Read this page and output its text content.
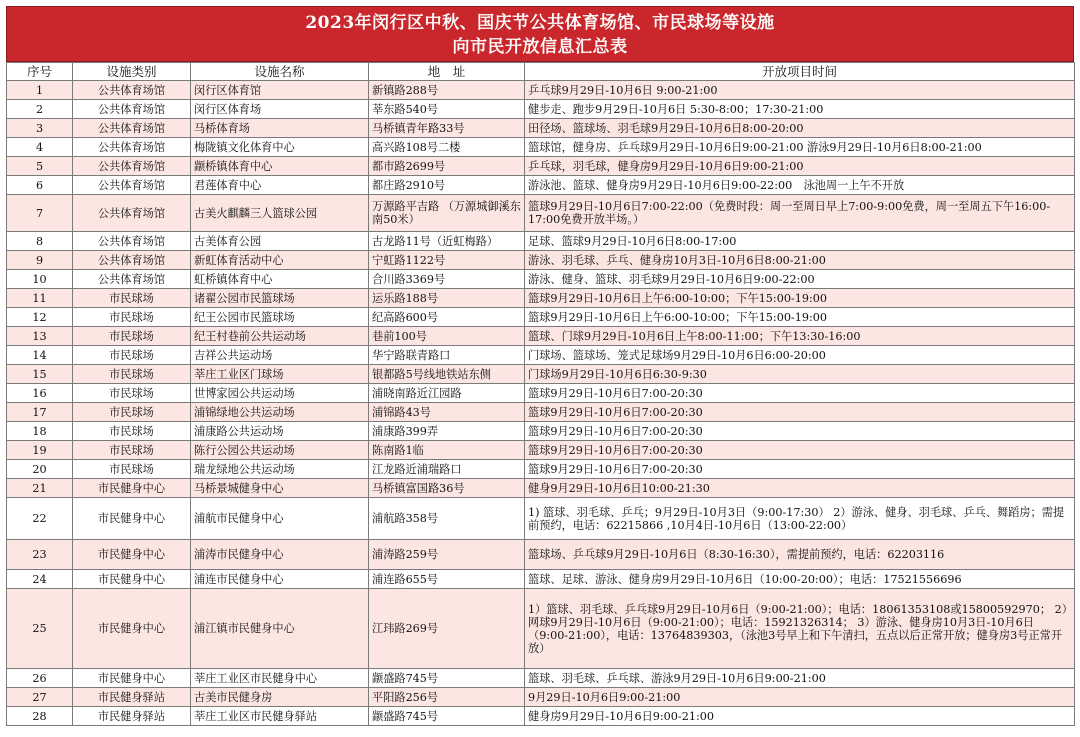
2023年闵行区中秋、国庆节公共体育场馆、市民球场等设施
向市民开放信息汇总表
序号	设施类别	设施名称	地　址	开放项目时间
1	公共体育场馆	闵行区体育馆	新镇路288号	乒乓球9月29日-10月6日 9:00-21:00
2	公共体育场馆	闵行区体育场	莘东路540号	健步走、跑步9月29日-10月6日 5:30-8:00；17:30-21:00
3	公共体育场馆	马桥体育场	马桥镇青年路33号	田径场、篮球场、羽毛球9月29日-10月6日8:00-20:00
4	公共体育场馆	梅陇镇文化体育中心	高兴路108号二楼	篮球馆，健身房、乒乓球9月29日-10月6日9:00-21:00 游泳9月29日-10月6日8:00-21:00
5	公共体育场馆	颛桥镇体育中心	都市路2699号	乒乓球，羽毛球，健身房9月29日-10月6日9:00-21:00
6	公共体育场馆	君莲体育中心	都庄路2910号	游泳池、篮球、健身房9月29日-10月6日9:00-22:00　泳池周一上午不开放
7	公共体育场馆	古美火麒麟三人篮球公园	万源路平吉路 （万源城御溪东南50米）	篮球9月29日-10月6日7:00-22:00（免费时段：周一至周日早上7:00-9:00免费，周一至周五下午16:00-17:00免费开放半场。）
8	公共体育场馆	古美体育公园	古龙路11号（近虹梅路）	足球、篮球9月29日-10月6日8:00-17:00
9	公共体育场馆	新虹体育活动中心	宁虹路1122号	游泳、羽毛球、乒乓、健身房10月3日-10月6日8:00-21:00
10	公共体育场馆	虹桥镇体育中心	合川路3369号	游泳、健身、篮球、羽毛球9月29日-10月6日9:00-22:00
11	市民球场	诸翟公园市民篮球场	运乐路188号	篮球9月29日-10月6日上午6:00-10:00；下午15:00-19:00
12	市民球场	纪王公园市民篮球场	纪高路600号	篮球9月29日-10月6日上午6:00-10:00；下午15:00-19:00
13	市民球场	纪王村巷前公共运动场	巷前100号	篮球、门球9月29日-10月6日上午8:00-11:00；下午13:30-16:00
14	市民球场	吉祥公共运动场	华宁路联青路口	门球场、篮球场、笼式足球场9月29日-10月6日6:00-20:00
15	市民球场	莘庄工业区门球场	银都路5号线地铁站东侧	门球场9月29日-10月6日6:30-9:30
16	市民球场	世博家园公共运动场	浦晓南路近江园路	篮球9月29日-10月6日7:00-20:30
17	市民球场	浦锦绿地公共运动场	浦锦路43号	篮球9月29日-10月6日7:00-20:30
18	市民球场	浦康路公共运动场	浦康路399弄	篮球9月29日-10月6日7:00-20:30
19	市民球场	陈行公园公共运动场	陈南路1临	篮球9月29日-10月6日7:00-20:30
20	市民球场	瑞龙绿地公共运动场	江龙路近浦瑞路口	篮球9月29日-10月6日7:00-20:30
21	市民健身中心	马桥景城健身中心	马桥镇富国路36号	健身9月29日-10月6日10:00-21:30
22	市民健身中心	浦航市民健身中心	浦航路358号	1) 篮球、羽毛球、乒乓；9月29日-10月3日（9:00-17:30） 2）游泳、健身、羽毛球、乒乓、舞蹈房；需提前预约，电话：62215866 ,10月4日-10月6日（13:00-22:00）
23	市民健身中心	浦涛市民健身中心	浦涛路259号	篮球场、乒乓球9月29日-10月6日（8:30-16:30），需提前预约，电话：62203116
24	市民健身中心	浦连市民健身中心	浦连路655号	篮球、足球、游泳、健身房9月29日-10月6日（10:00-20:00）；电话：17521556696
25	市民健身中心	浦江镇市民健身中心	江玮路269号	1）篮球、羽毛球、乒乓球9月29日-10月6日（9:00-21:00）；电话：18061353108或15800592970； 2）网球9月29日-10月6日（9:00-21:00）；电话：15921326314； 3）游泳、健身房10月3日-10月6日（9:00-21:00），电话：13764839303，（泳池3号早上和下午清扫，五点以后正常开放；健身房3号正常开放）
26	市民健身中心	莘庄工业区市民健身中心	颛盛路745号	篮球、羽毛球、乒乓球、游泳9月29日-10月6日9:00-21:00
27	市民健身驿站	古美市民健身房	平阳路256号	9月29日-10月6日9:00-21:00
28	市民健身驿站	莘庄工业区市民健身驿站	颛盛路745号	健身房9月29日-10月6日9:00-21:00
